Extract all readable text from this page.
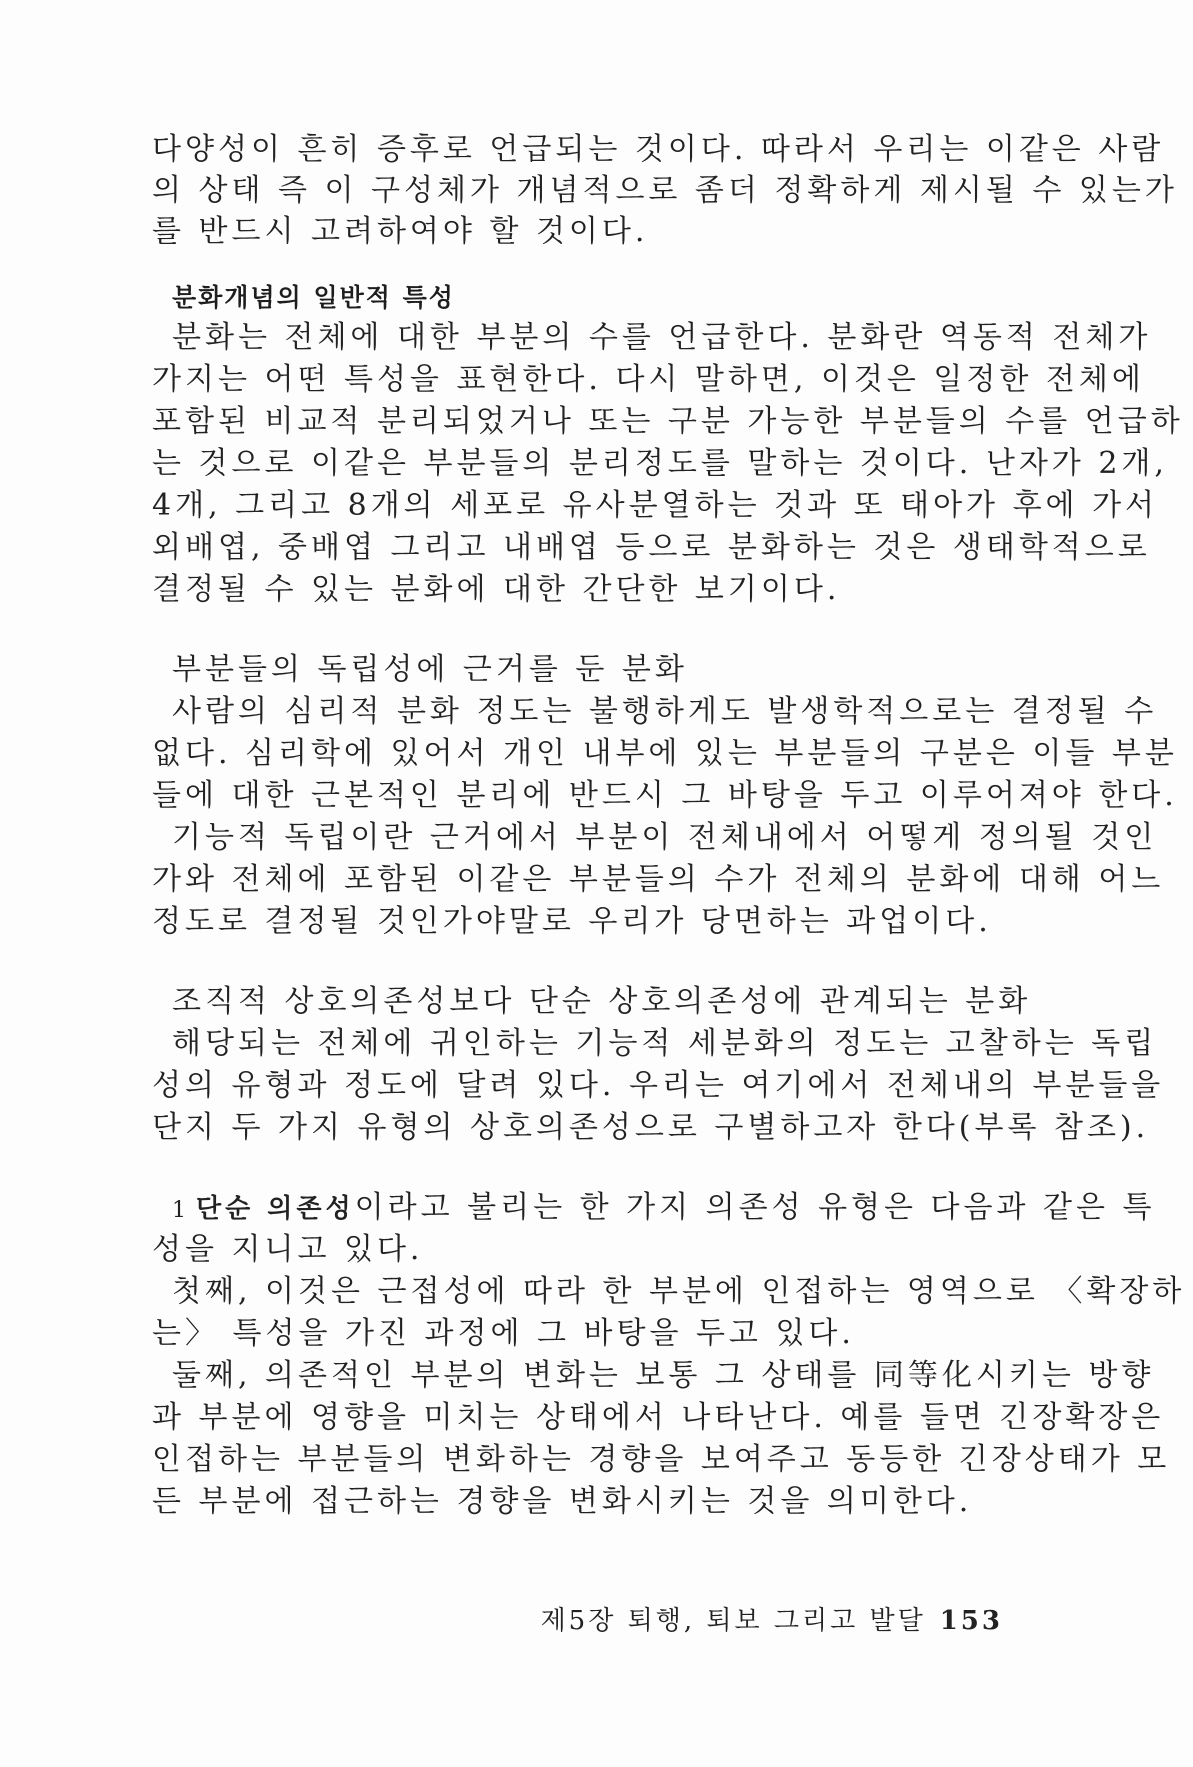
다양성이 흔히 증후로 언급되는 것이다. 따라서 우리는 이같은 사람
의 상태 즉 이 구성체가 개념적으로 좀더 정확하게 제시될 수 있는가
를 반드시 고려하여야 할 것이다.
분화개념의 일반적 특성
분화는 전체에 대한 부분의 수를 언급한다. 분화란 역동적 전체가
가지는 어떤 특성을 표현한다. 다시 말하면, 이것은 일정한 전체에
포함된 비교적 분리되었거나 또는 구분 가능한 부분들의 수를 언급하
는 것으로 이같은 부분들의 분리정도를 말하는 것이다. 난자가 2개,
4개, 그리고 8개의 세포로 유사분열하는 것과 또 태아가 후에 가서
외배엽, 중배엽 그리고 내배엽 등으로 분화하는 것은 생태학적으로
결정될 수 있는 분화에 대한 간단한 보기이다.
부분들의 독립성에 근거를 둔 분화
사람의 심리적 분화 정도는 불행하게도 발생학적으로는 결정될 수
없다. 심리학에 있어서 개인 내부에 있는 부분들의 구분은 이들 부분
들에 대한 근본적인 분리에 반드시 그 바탕을 두고 이루어져야 한다.
기능적 독립이란 근거에서 부분이 전체내에서 어떻게 정의될 것인
가와 전체에 포함된 이같은 부분들의 수가 전체의 분화에 대해 어느
정도로 결정될 것인가야말로 우리가 당면하는 과업이다.
조직적 상호의존성보다 단순 상호의존성에 관계되는 분화
해당되는 전체에 귀인하는 기능적 세분화의 정도는 고찰하는 독립
성의 유형과 정도에 달려 있다. 우리는 여기에서 전체내의 부분들을
단지 두 가지 유형의 상호의존성으로 구별하고자 한다(부록 참조).
1 단순 의존성이라고 불리는 한 가지 의존성 유형은 다음과 같은 특
성을 지니고 있다.
첫째, 이것은 근접성에 따라 한 부분에 인접하는 영역으로 〈확장하
는〉 특성을 가진 과정에 그 바탕을 두고 있다.
둘째, 의존적인 부분의 변화는 보통 그 상태를 同等化시키는 방향
과 부분에 영향을 미치는 상태에서 나타난다. 예를 들면 긴장확장은
인접하는 부분들의 변화하는 경향을 보여주고 동등한 긴장상태가 모
든 부분에 접근하는 경향을 변화시키는 것을 의미한다.
제5장 퇴행, 퇴보 그리고 발달 153
